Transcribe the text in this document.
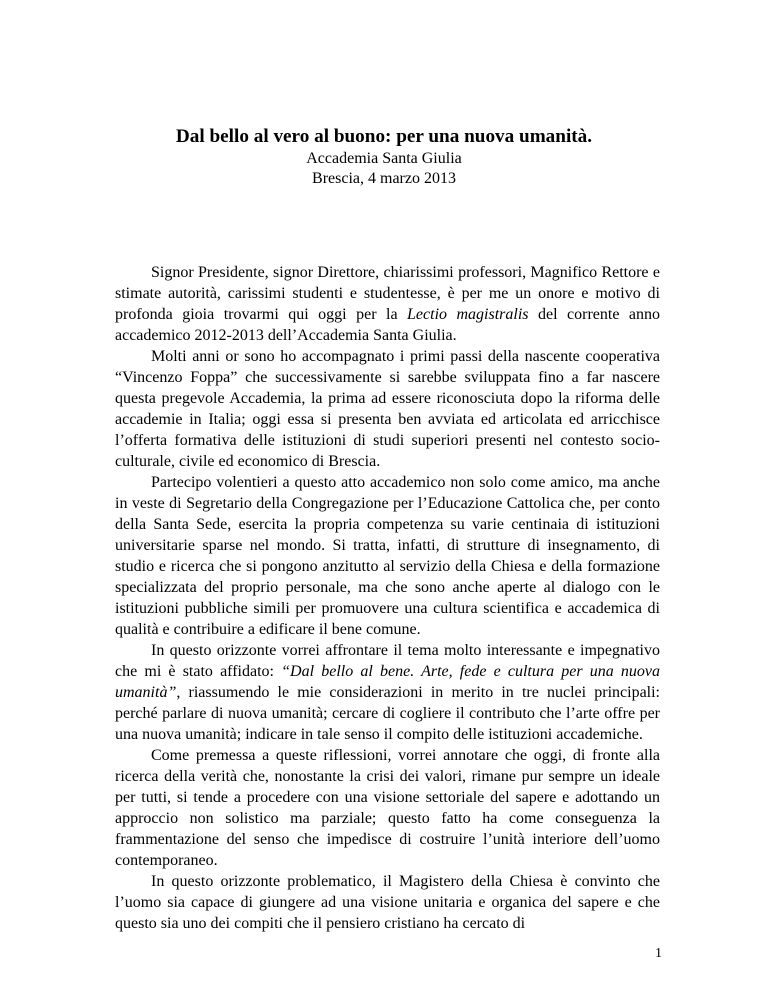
Dal bello al vero al buono: per una nuova umanità.

Accademia Santa Giulia

Brescia, 4 marzo 2013

Signor Presidente, signor Direttore, chiarissimi professori, Magnifico Rettore e stimate autorità, carissimi studenti e studentesse, è per me un onore e motivo di profonda gioia trovarmi qui oggi per la Lectio magistralis del corrente anno accademico 2012-2013 dell’Accademia Santa Giulia.

Molti anni or sono ho accompagnato i primi passi della nascente cooperativa “Vincenzo Foppa” che successivamente si sarebbe sviluppata fino a far nascere questa pregevole Accademia, la prima ad essere riconosciuta dopo la riforma delle accademie in Italia; oggi essa si presenta ben avviata ed articolata ed arricchisce l’offerta formativa delle istituzioni di studi superiori presenti nel contesto socio-culturale, civile ed economico di Brescia.

Partecipo volentieri a questo atto accademico non solo come amico, ma anche in veste di Segretario della Congregazione per l’Educazione Cattolica che, per conto della Santa Sede, esercita la propria competenza su varie centinaia di istituzioni universitarie sparse nel mondo. Si tratta, infatti, di strutture di insegnamento, di studio e ricerca che si pongono anzitutto al servizio della Chiesa e della formazione specializzata del proprio personale, ma che sono anche aperte al dialogo con le istituzioni pubbliche simili per promuovere una cultura scientifica e accademica di qualità e contribuire a edificare il bene comune.

In questo orizzonte vorrei affrontare il tema molto interessante e impegnativo che mi è stato affidato: “Dal bello al bene. Arte, fede e cultura per una nuova umanità”, riassumendo le mie considerazioni in merito in tre nuclei principali: perché parlare di nuova umanità; cercare di cogliere il contributo che l’arte offre per una nuova umanità; indicare in tale senso il compito delle istituzioni accademiche.

Come premessa a queste riflessioni, vorrei annotare che oggi, di fronte alla ricerca della verità che, nonostante la crisi dei valori, rimane pur sempre un ideale per tutti, si tende a procedere con una visione settoriale del sapere e adottando un approccio non solistico ma parziale; questo fatto ha come conseguenza la frammentazione del senso che impedisce di costruire l’unità interiore dell’uomo contemporaneo.

In questo orizzonte problematico, il Magistero della Chiesa è convinto che l’uomo sia capace di giungere ad una visione unitaria e organica del sapere e che questo sia uno dei compiti che il pensiero cristiano ha cercato di

1
